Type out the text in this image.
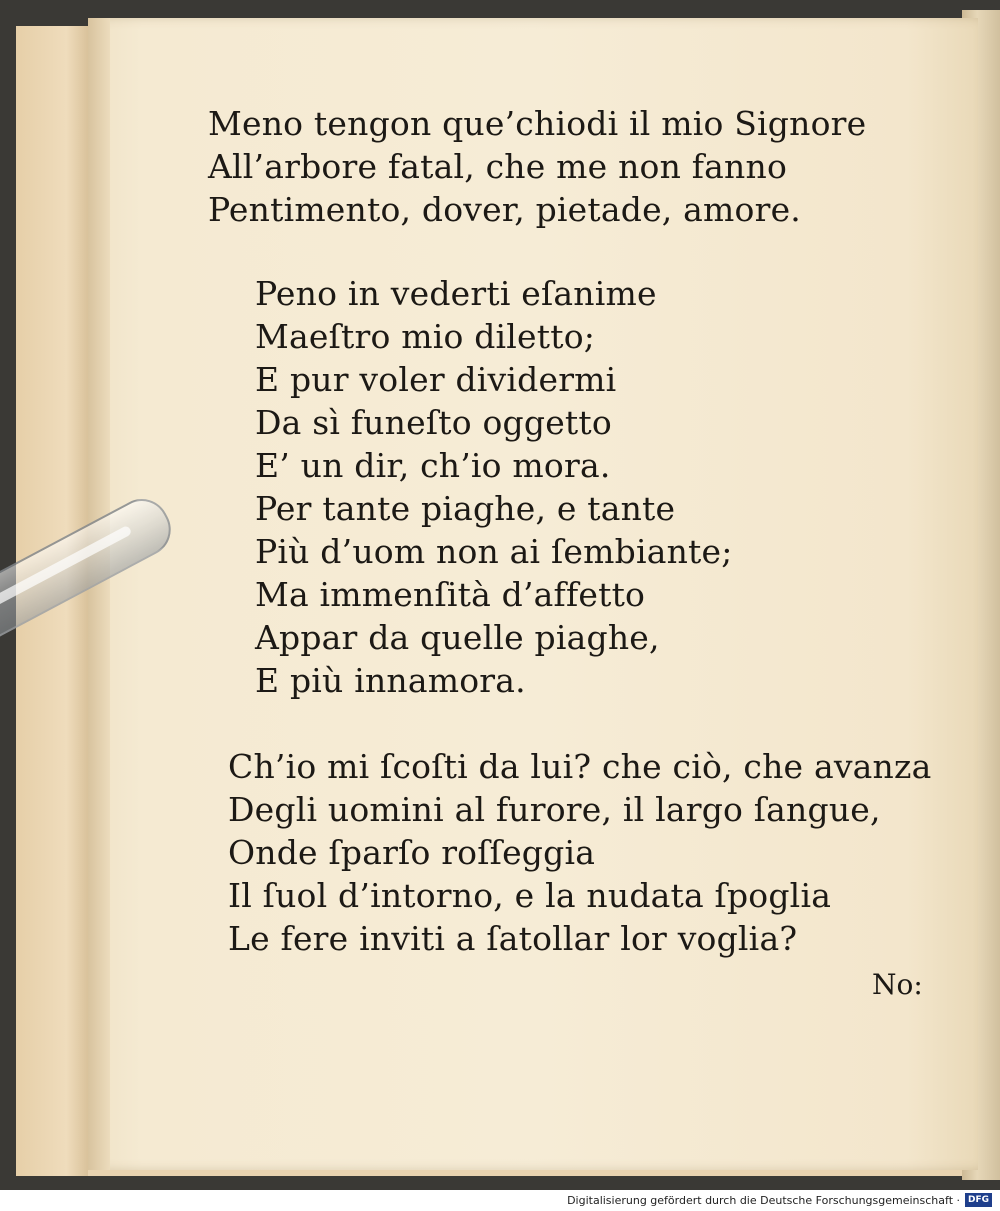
Meno tengon que’chiodi il mio Signore
All’arbore fatal, che me non fanno
Pentimento, dover, pietade, amore.
Peno in vederti eſanime
Maeſtro mio diletto;
E pur voler dividermi
Da sì funeſto oggetto
E’ un dir, ch’io mora.
Per tante piaghe, e tante
Più d’uom non ai ſembiante;
Ma immenſità d’affetto
Appar da quelle piaghe,
E più innamora.
Ch’io mi ſcoſti da lui? che ciò, che avanza
Degli uomini al furore, il largo ſangue,
Onde ſparſo roſſeggia
Il ſuol d’intorno, e la nudata ſpoglia
Le fere inviti a ſatollar lor voglia?
No:
Digitalisierung gefördert durch die Deutsche Forschungsgemeinschaft · DFG
